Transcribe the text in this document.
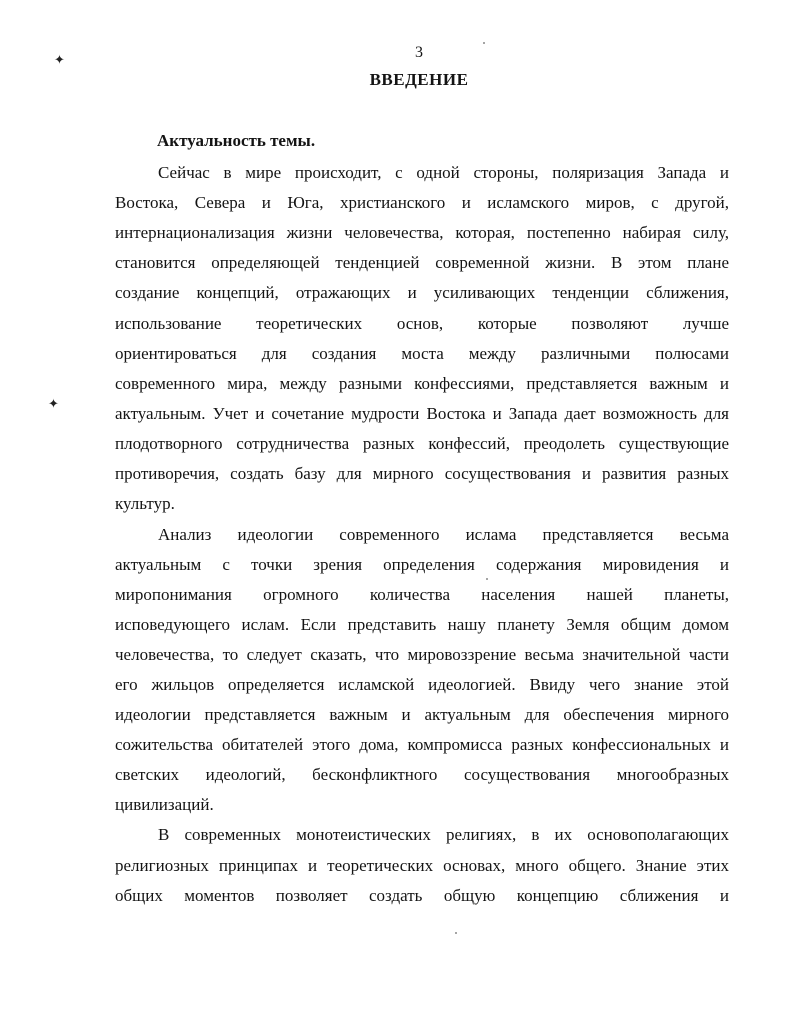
3
ВВЕДЕНИЕ
Актуальность темы.
Сейчас в мире происходит, с одной стороны, поляризация Запада и
Востока, Севера и Юга, христианского и исламского миров, с другой,
интернационализация жизни человечества, которая, постепенно набирая силу,
становится определяющей тенденцией современной жизни. В этом плане
создание концепций, отражающих и усиливающих тенденции сближения,
использование теоретических основ, которые позволяют лучше
ориентироваться для создания моста между различными полюсами
современного мира, между разными конфессиями, представляется важным и
актуальным. Учет и сочетание мудрости Востока и Запада дает возможность для
плодотворного сотрудничества разных конфессий, преодолеть существующие
противоречия, создать базу для мирного сосуществования и развития разных
культур.
Анализ идеологии современного ислама представляется весьма
актуальным с точки зрения определения содержания мировидения и
миропонимания огромного количества населения нашей планеты,
исповедующего ислам. Если представить нашу планету Земля общим домом
человечества, то следует сказать, что мировоззрение весьма значительной части
его жильцов определяется исламской идеологией. Ввиду чего знание этой
идеологии представляется важным и актуальным для обеспечения мирного
сожительства обитателей этого дома, компромисса разных конфессиональных и
светских идеологий, бесконфликтного сосуществования многообразных
цивилизаций.
В современных монотеистических религиях, в их основополагающих
религиозных принципах и теоретических основах, много общего. Знание этих
общих моментов позволяет создать общую концепцию сближения и
✦
✦
